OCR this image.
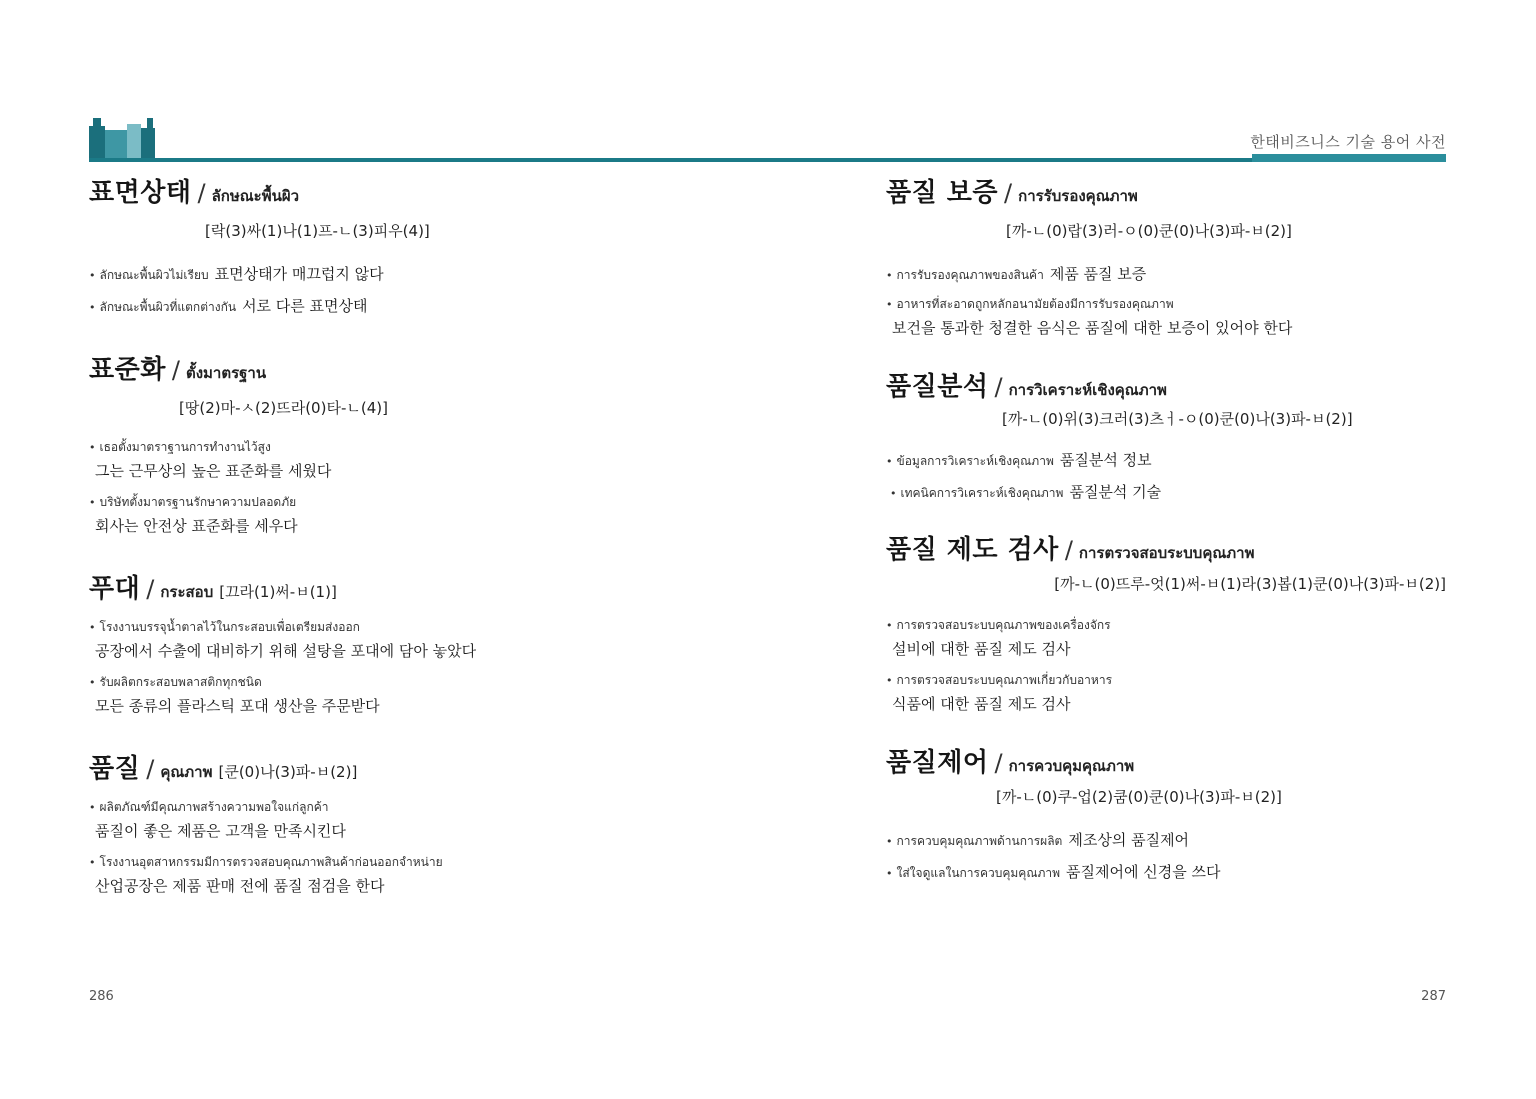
한태비즈니스 기술 용어 사전
표면상태 / ลักษณะพื้นผิว
[락(3)싸(1)나(1)프-ㄴ(3)피우(4)]
• ลักษณะพื้นผิวไม่เรียบ 표면상태가 매끄럽지 않다
• ลักษณะพื้นผิวที่แตกต่างกัน 서로 다른 표면상태
표준화 / ตั้งมาตรฐาน
[땅(2)마-ㅅ(2)뜨라(0)타-ㄴ(4)]
• เธอตั้งมาตราฐานการทำงานไว้สูง
그는 근무상의 높은 표준화를 세웠다
• บริษัทตั้งมาตรฐานรักษาความปลอดภัย
회사는 안전상 표준화를 세우다
푸대 / กระสอบ [끄라(1)써-ㅂ(1)]
• โรงงานบรรจุน้ำตาลไว้ในกระสอบเพื่อเตรียมส่งออก
공장에서 수출에 대비하기 위해 설탕을 포대에 담아 놓았다
• รับผลิตกระสอบพลาสติกทุกชนิด
모든 종류의 플라스틱 포대 생산을 주문받다
품질 / คุณภาพ [쿤(0)나(3)파-ㅂ(2)]
• ผลิตภัณฑ์มีคุณภาพสร้างความพอใจแก่ลูกค้า
품질이 좋은 제품은 고객을 만족시킨다
• โรงงานอุตสาหกรรมมีการตรวจสอบคุณภาพสินค้าก่อนออกจำหน่าย
산업공장은 제품 판매 전에 품질 점검을 한다
품질 보증 / การรับรองคุณภาพ
[까-ㄴ(0)랍(3)러-ㅇ(0)쿤(0)나(3)파-ㅂ(2)]
• การรับรองคุณภาพของสินค้า 제품 품질 보증
• อาหารที่สะอาดถูกหลักอนามัยต้องมีการรับรองคุณภาพ
보건을 통과한 청결한 음식은 품질에 대한 보증이 있어야 한다
품질분석 / การวิเคราะห์เชิงคุณภาพ
[까-ㄴ(0)위(3)크러(3)츠ㅓ-ㅇ(0)쿤(0)나(3)파-ㅂ(2)]
• ข้อมูลการวิเคราะห์เชิงคุณภาพ 품질분석 정보
• เทคนิคการวิเคราะห์เชิงคุณภาพ 품질분석 기술
품질 제도 검사 / การตรวจสอบระบบคุณภาพ
[까-ㄴ(0)뜨루-엇(1)써-ㅂ(1)라(3)봅(1)쿤(0)나(3)파-ㅂ(2)]
• การตรวจสอบระบบคุณภาพของเครื่องจักร
설비에 대한 품질 제도 검사
• การตรวจสอบระบบคุณภาพเกี่ยวกับอาหาร
식품에 대한 품질 제도 검사
품질제어 / การควบคุมคุณภาพ
[까-ㄴ(0)쿠-업(2)쿰(0)쿤(0)나(3)파-ㅂ(2)]
• การควบคุมคุณภาพด้านการผลิต 제조상의 품질제어
• ใส่ใจดูแลในการควบคุมคุณภาพ 품질제어에 신경을 쓰다
286	287
